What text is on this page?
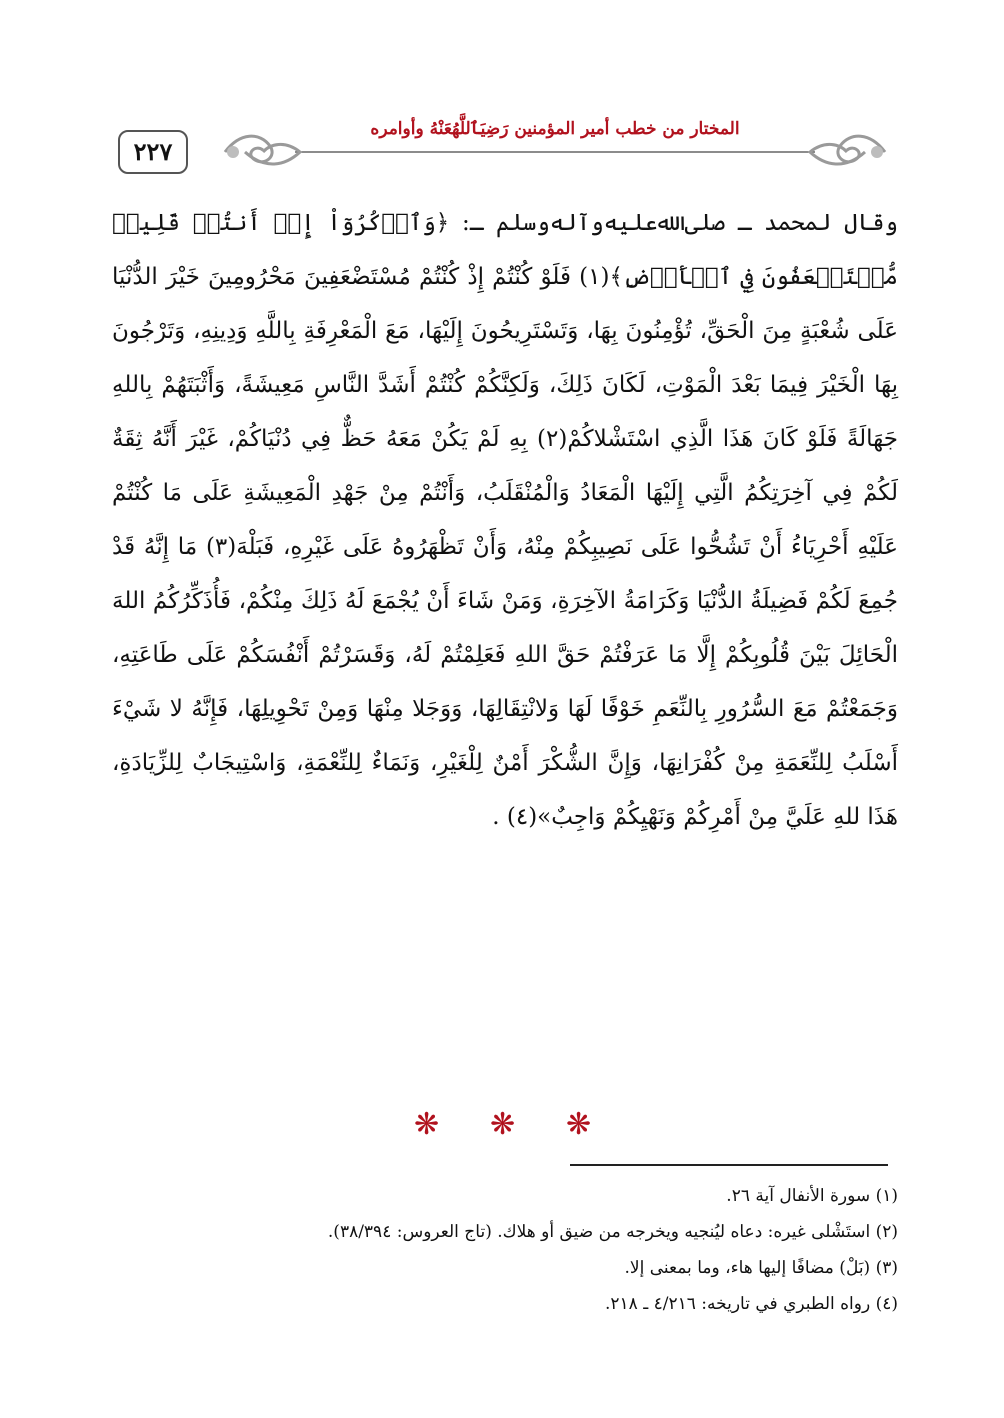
٢٢٧
المختار من خطب أمير المؤمنين رَضِيَٱللَّهُعَنْهُ وأوامره

وقال لمحمد ـ صلى‌الله‌عليه‌وآله‌وسلم ـ: ﴿وَٱذۡكُرُوٓاْ إِذۡ أَنتُمۡ قَلِيلٞ مُّسۡتَضۡعَفُونَ فِي ٱلۡأَرۡضِ﴾(١) فَلَوْ كُنْتُمْ إِذْ كُنْتُمْ مُسْتَضْعَفِينَ مَحْرُومِينَ خَيْرَ الدُّنْيَا عَلَى شُعْبَةٍ مِنَ الْحَقِّ، تُؤْمِنُونَ بِهَا، وَتَسْتَرِيحُونَ إِلَيْهَا، مَعَ الْمَعْرِفَةِ بِاللَّهِ وَدِينِهِ، وَتَرْجُونَ بِهَا الْخَيْرَ فِيمَا بَعْدَ الْمَوْتِ، لَكَانَ ذَلِكَ، وَلَكِنَّكُمْ كُنْتُمْ أَشَدَّ النَّاسِ مَعِيشَةً، وَأَثْبَتَهُمْ بِاللهِ جَهَالَةً فَلَوْ كَانَ هَذَا الَّذِي اسْتَشْلاكُمْ(٢) بِهِ لَمْ يَكُنْ مَعَهُ حَظٌّ فِي دُنْيَاكُمْ، غَيْرَ أَنَّهُ ثِقَةٌ لَكُمْ فِي آخِرَتِكُمُ الَّتِي إِلَيْهَا الْمَعَادُ وَالْمُنْقَلَبُ، وَأَنْتُمْ مِنْ جَهْدِ الْمَعِيشَةِ عَلَى مَا كُنْتُمْ عَلَيْهِ أَحْرِيَاءُ أَنْ تَشُحُّوا عَلَى نَصِيبِكُمْ مِنْهُ، وَأَنْ تَظْهَرُوهُ عَلَى غَيْرِهِ، فَبَلْهَ(٣) مَا إِنَّهُ قَدْ جُمِعَ لَكُمْ فَضِيلَةُ الدُّنْيَا وَكَرَامَةُ الآخِرَةِ، وَمَنْ شَاءَ أَنْ يُجْمَعَ لَهُ ذَلِكَ مِنْكُمْ، فَأُذَكِّرُكُمُ اللهَ الْحَائِلَ بَيْنَ قُلُوبِكُمْ إِلَّا مَا عَرَفْتُمْ حَقَّ اللهِ فَعَلِمْتُمْ لَهُ، وَقَسَرْتُمْ أَنْفُسَكُمْ عَلَى طَاعَتِهِ، وَجَمَعْتُمْ مَعَ السُّرُورِ بِالنِّعَمِ خَوْفًا لَهَا وَلانْتِقَالِهَا، وَوَجَلا مِنْهَا وَمِنْ تَحْوِيلِهَا، فَإِنَّهُ لا شَيْءَ أَسْلَبُ لِلنِّعَمَةِ مِنْ كُفْرَانِهَا، وَإِنَّ الشُّكْرَ أَمْنٌ لِلْغَيْرِ، وَنَمَاءٌ لِلنِّعْمَةِ، وَاسْتِيجَابٌ لِلزِّيَادَةِ، هَذَا للهِ عَلَيَّ مِنْ أَمْرِكُمْ وَنَهْيِكُمْ وَاجِبٌ»(٤) .

❋ ❋ ❋
(١) سورة الأنفال آية ٢٦.
(٢) استَشْلى غيره: دعاه ليُنجيه ويخرجه من ضيق أو هلاك. (تاج العروس: ٣٨/٣٩٤).
(٣) (بَلْ) مضافًا إليها هاء، وما بمعنى إلا.
(٤) رواه الطبري في تاريخه: ٤/٢١٦ ـ ٢١٨.
